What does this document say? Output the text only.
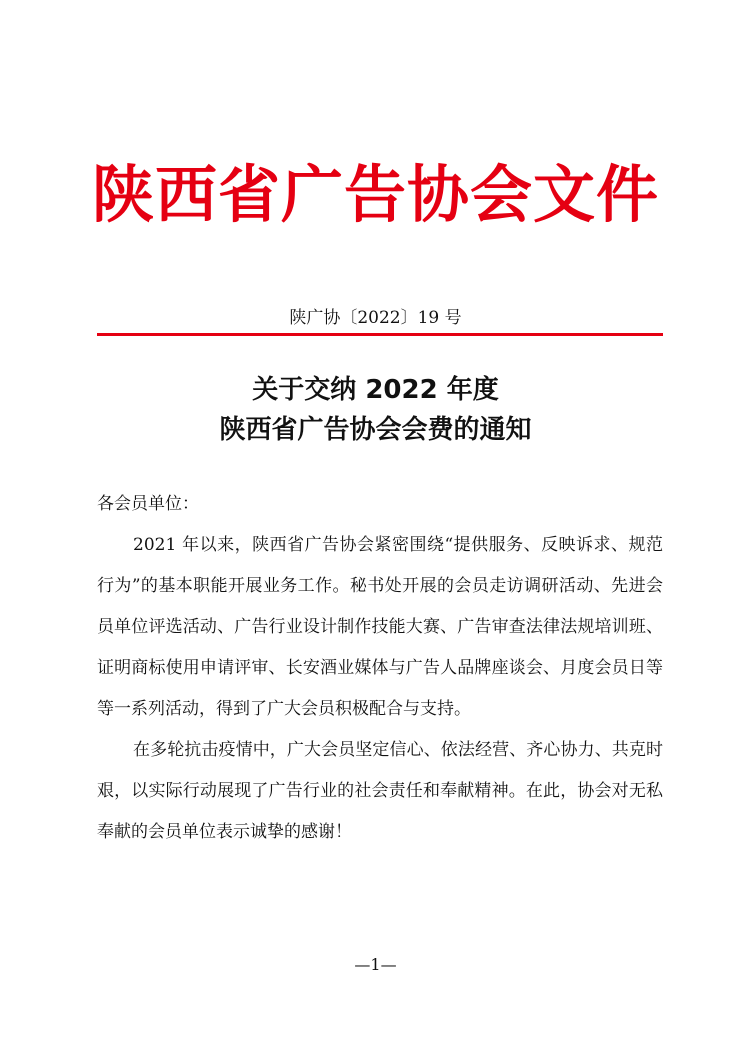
陕西省广告协会文件
陕广协〔2022〕19 号
关于交纳 2022 年度
陕西省广告协会会费的通知

各会员单位：

2021 年以来，陕西省广告协会紧密围绕“提供服务、反映诉求、规范行为”的基本职能开展业务工作。秘书处开展的会员走访调研活动、先进会员单位评选活动、广告行业设计制作技能大赛、广告审查法律法规培训班、证明商标使用申请评审、长安酒业媒体与广告人品牌座谈会、月度会员日等等一系列活动，得到了广大会员积极配合与支持。

在多轮抗击疫情中，广大会员坚定信心、依法经营、齐心协力、共克时艰，以实际行动展现了广告行业的社会责任和奉献精神。在此，协会对无私奉献的会员单位表示诚挚的感谢！

—1—
